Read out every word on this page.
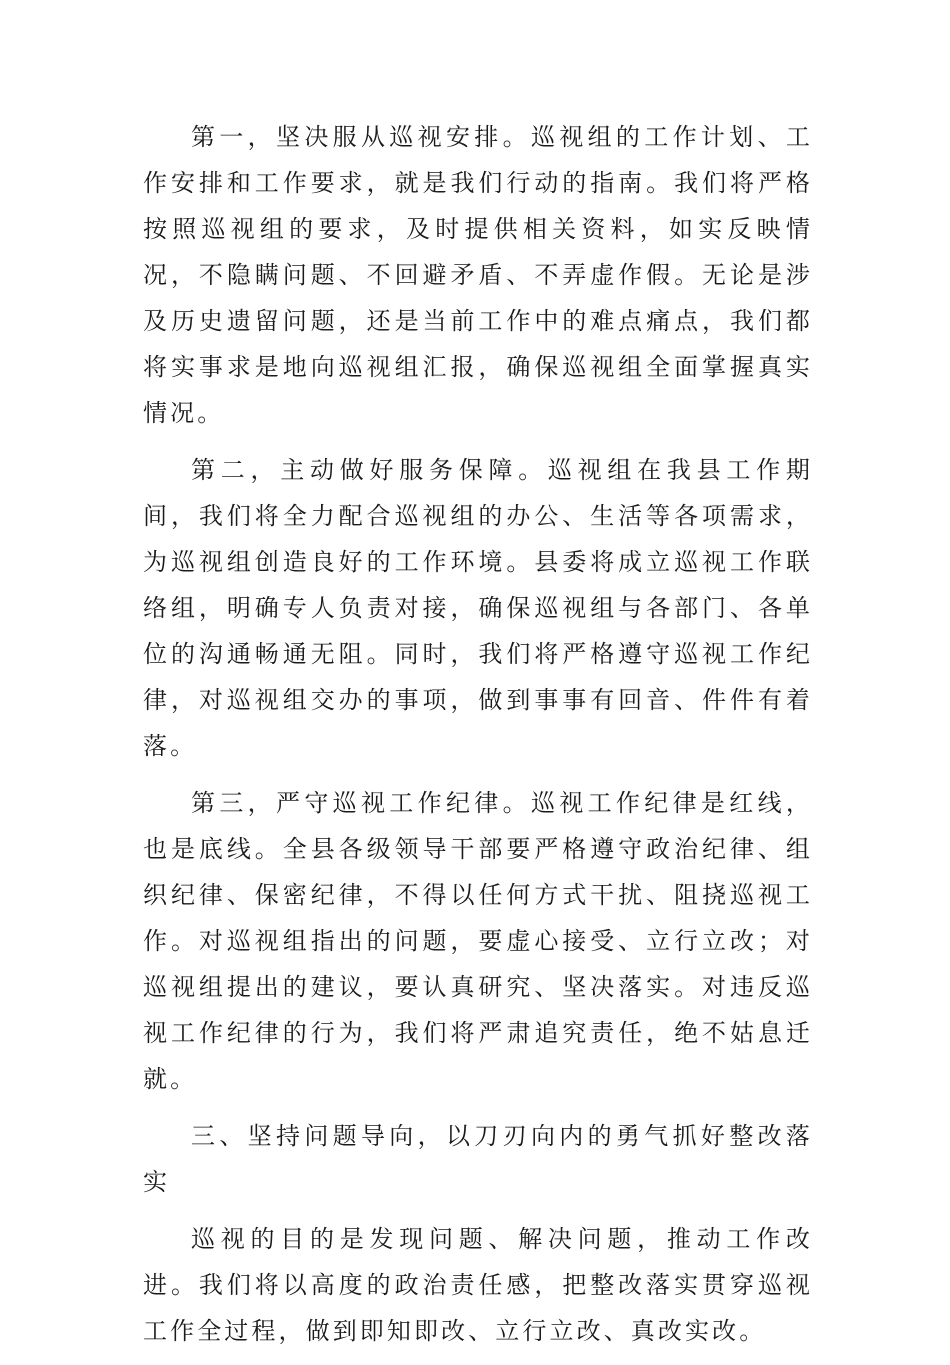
第一，坚决服从巡视安排。巡视组的工作计划、工作安排和工作要求，就是我们行动的指南。我们将严格按照巡视组的要求，及时提供相关资料，如实反映情况，不隐瞒问题、不回避矛盾、不弄虚作假。无论是涉及历史遗留问题，还是当前工作中的难点痛点，我们都将实事求是地向巡视组汇报，确保巡视组全面掌握真实情况。

第二，主动做好服务保障。巡视组在我县工作期间，我们将全力配合巡视组的办公、生活等各项需求，为巡视组创造良好的工作环境。县委将成立巡视工作联络组，明确专人负责对接，确保巡视组与各部门、各单位的沟通畅通无阻。同时，我们将严格遵守巡视工作纪律，对巡视组交办的事项，做到事事有回音、件件有着落。

第三，严守巡视工作纪律。巡视工作纪律是红线，也是底线。全县各级领导干部要严格遵守政治纪律、组织纪律、保密纪律，不得以任何方式干扰、阻挠巡视工作。对巡视组指出的问题，要虚心接受、立行立改；对巡视组提出的建议，要认真研究、坚决落实。对违反巡视工作纪律的行为，我们将严肃追究责任，绝不姑息迁就。

三、坚持问题导向，以刀刃向内的勇气抓好整改落实

巡视的目的是发现问题、解决问题，推动工作改进。我们将以高度的政治责任感，把整改落实贯穿巡视工作全过程，做到即知即改、立行立改、真改实改。
